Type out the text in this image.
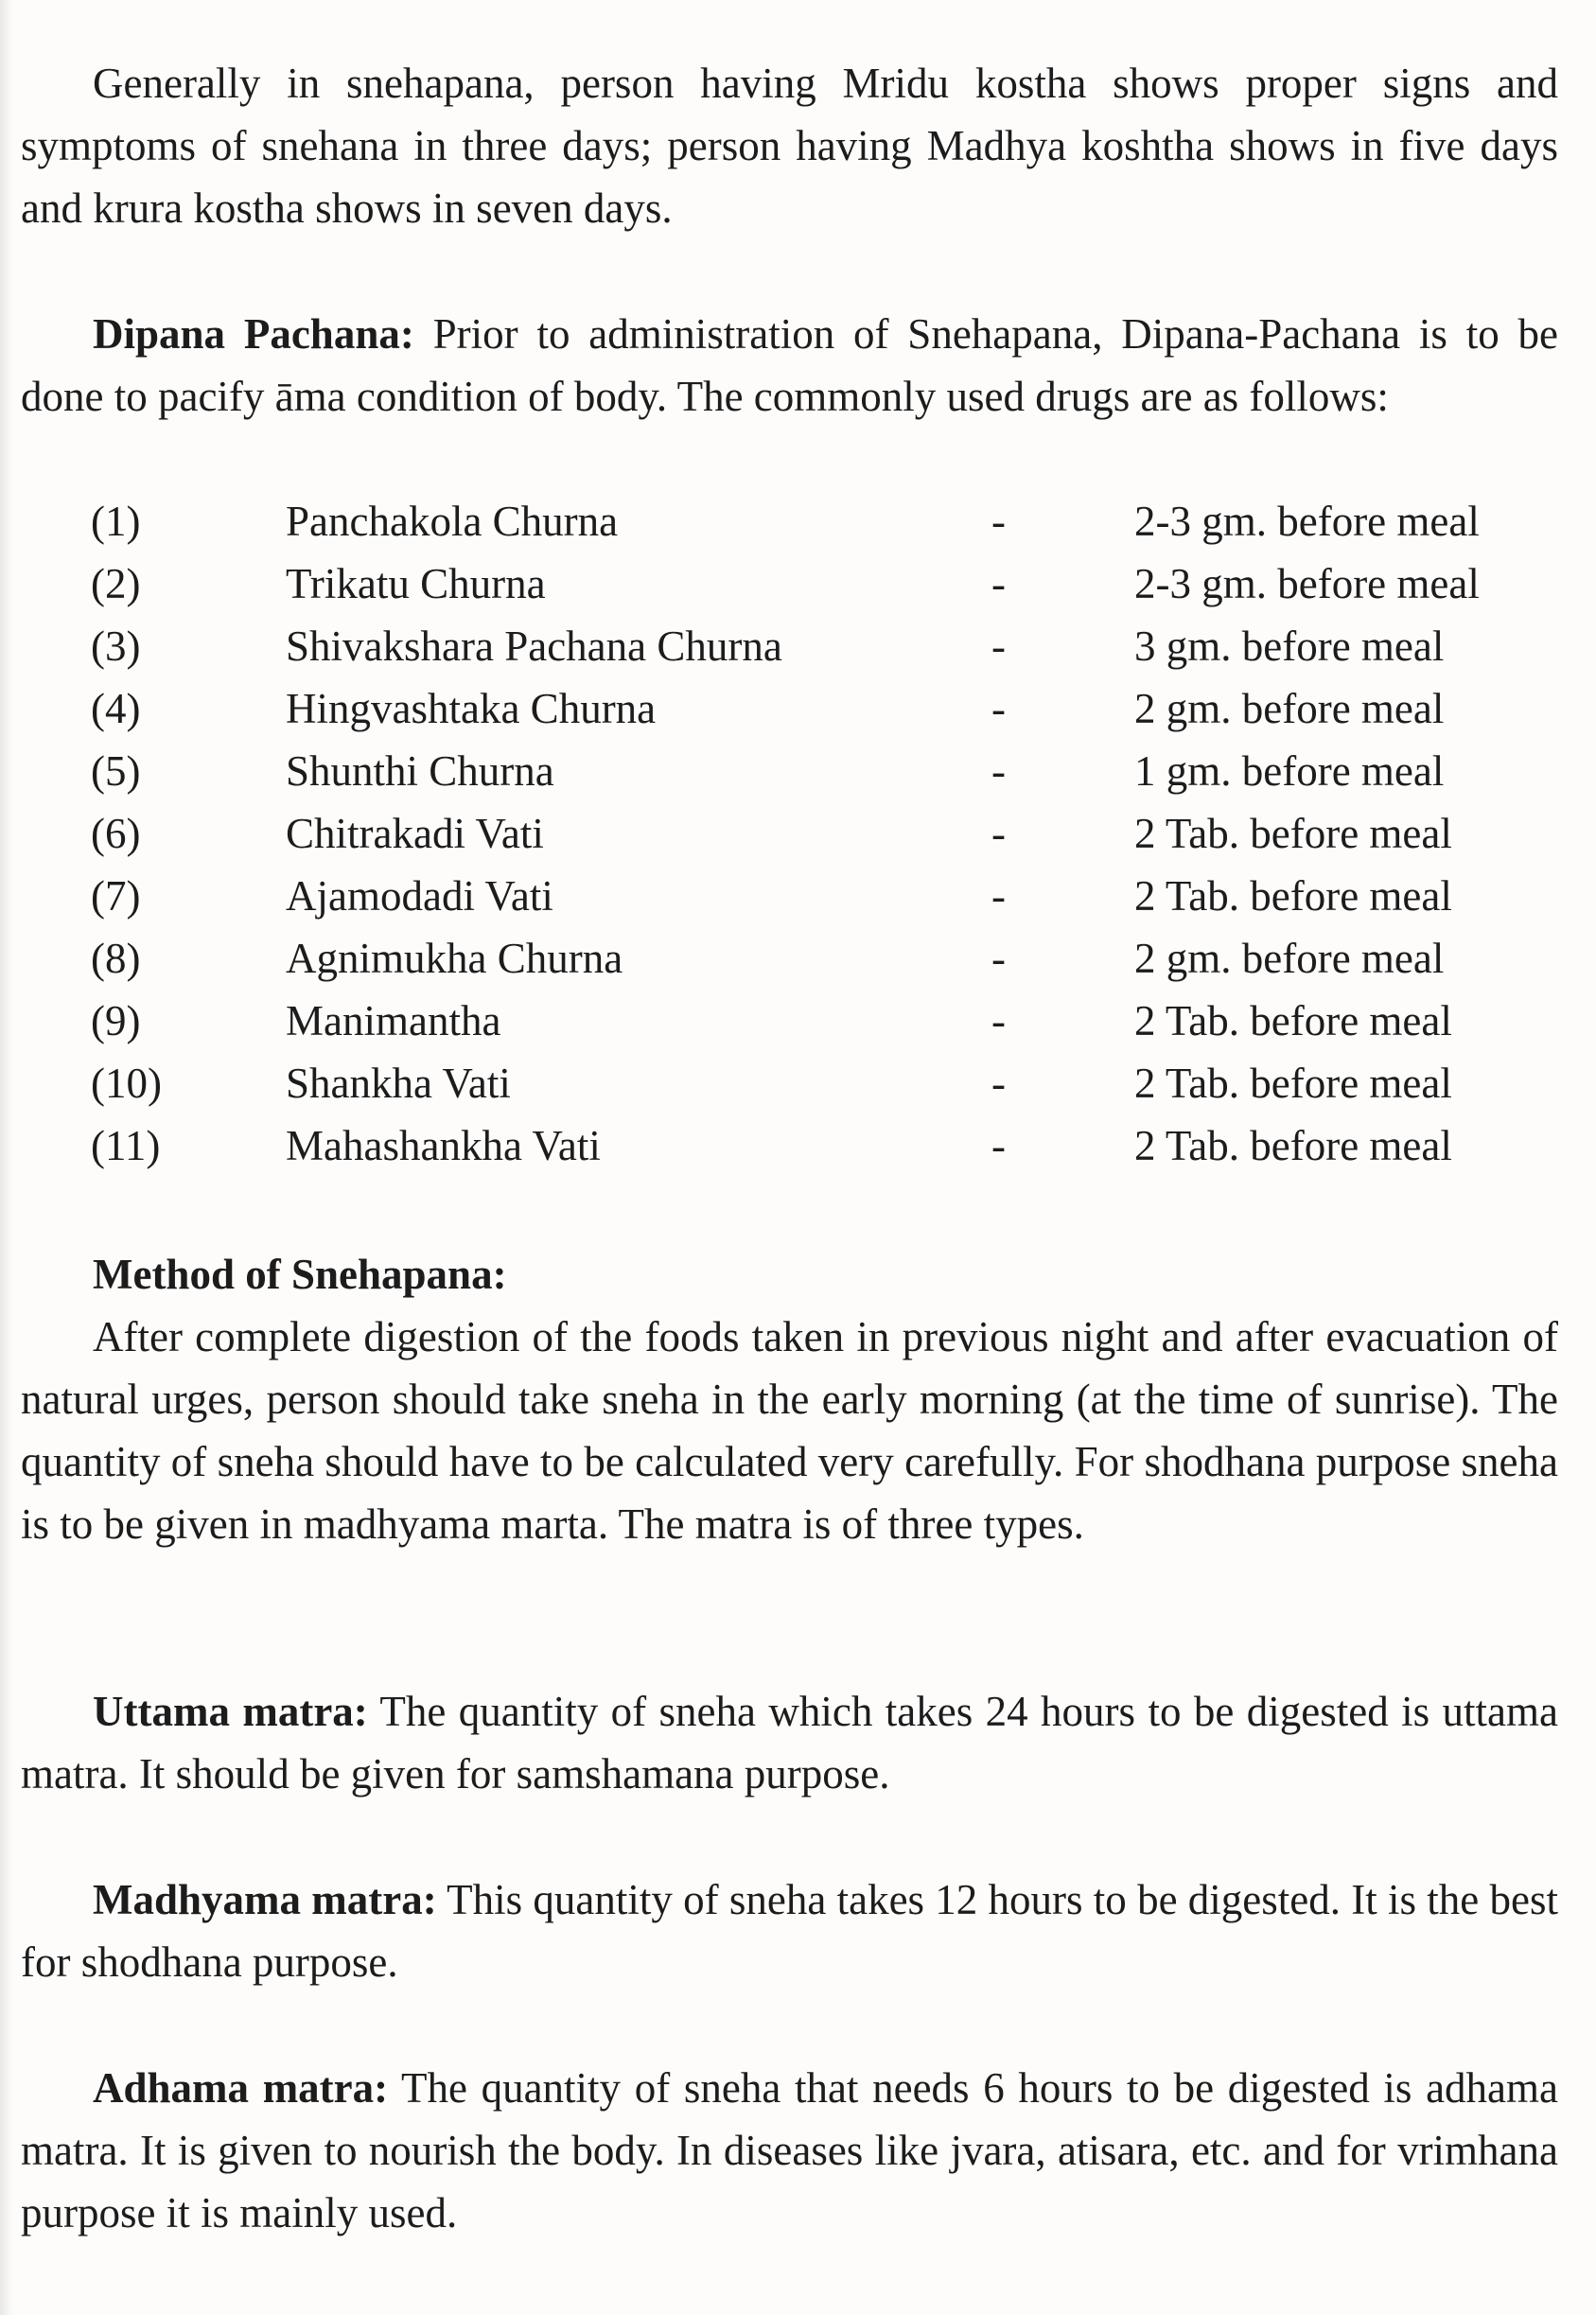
Generally in snehapana, person having Mridu kostha shows proper signs and symptoms of snehana in three days; person having Madhya koshtha shows in five days and krura kostha shows in seven days.

Dipana Pachana: Prior to administration of Snehapana, Dipana-Pachana is to be done to pacify āma condition of body. The commonly used drugs are as follows:

(1)	Panchakola Churna	-	2-3 gm. before meal
(2)	Trikatu Churna	-	2-3 gm. before meal
(3)	Shivakshara Pachana Churna	-	3 gm. before meal
(4)	Hingvashtaka Churna	-	2 gm. before meal
(5)	Shunthi Churna	-	1 gm. before meal
(6)	Chitrakadi Vati	-	2 Tab. before meal
(7)	Ajamodadi Vati	-	2 Tab. before meal
(8)	Agnimukha Churna	-	2 gm. before meal
(9)	Manimantha	-	2 Tab. before meal
(10)	Shankha Vati	-	2 Tab. before meal
(11)	Mahashankha Vati	-	2 Tab. before meal

Method of Snehapana:

After complete digestion of the foods taken in previous night and after evacuation of natural urges, person should take sneha in the early morning (at the time of sunrise). The quantity of sneha should have to be calculated very carefully. For shodhana purpose sneha is to be given in madhyama marta. The matra is of three types.

Uttama matra: The quantity of sneha which takes 24 hours to be digested is uttama matra. It should be given for samshamana purpose.

Madhyama matra: This quantity of sneha takes 12 hours to be digested. It is the best for shodhana purpose.

Adhama matra: The quantity of sneha that needs 6 hours to be digested is adhama matra. It is given to nourish the body. In diseases like jvara, atisara, etc. and for vrimhana purpose it is mainly used.
